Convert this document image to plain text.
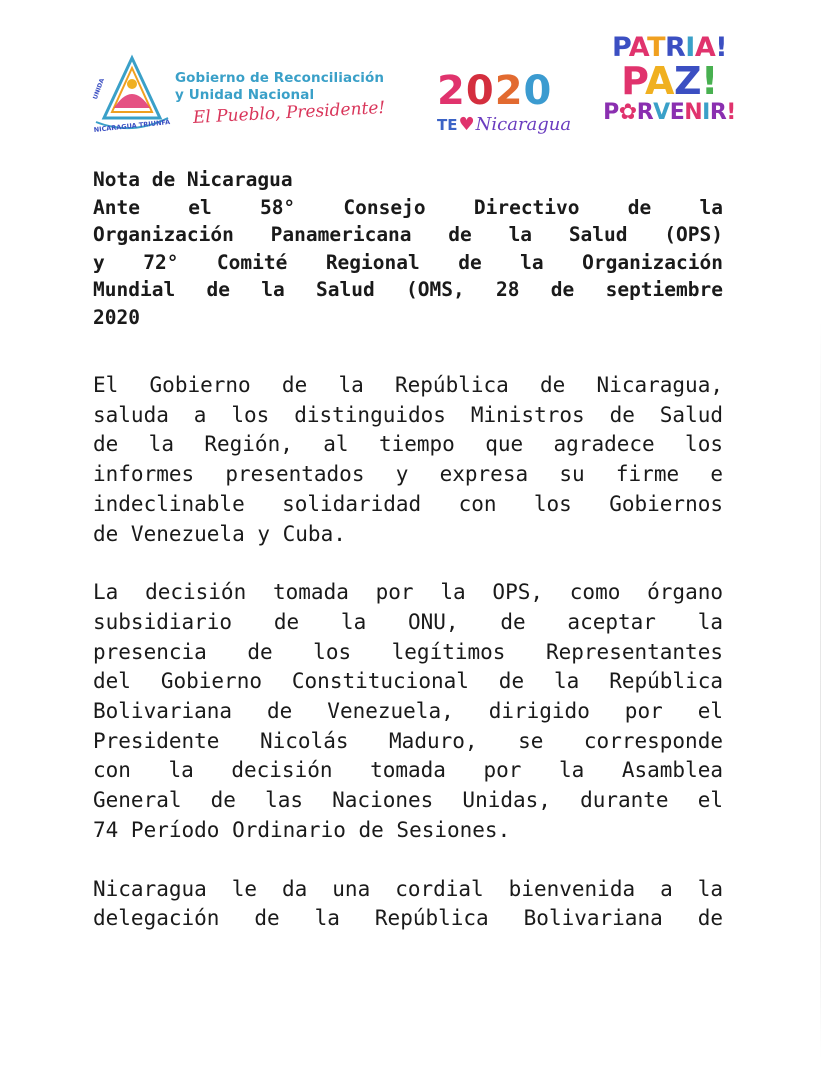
UNIDA
NICARAGUA TRIUNFA
Gobierno de Reconciliación
y Unidad Nacional
El Pueblo, Presidente!	2020
TE ♥ Nicaragua
PATRIA!
PAZ!
P✿RVENIR!
Nota de Nicaragua
Ante el 58° Consejo Directivo de la
Organización Panamericana de la Salud (OPS)
y 72° Comité Regional de la Organización
Mundial de la Salud (OMS, 28 de septiembre
2020

El Gobierno de la República de Nicaragua,
saluda a los distinguidos Ministros de Salud
de la Región, al tiempo que agradece los
informes presentados y expresa su firme e
indeclinable solidaridad con los Gobiernos
de Venezuela y Cuba.

La decisión tomada por la OPS, como órgano
subsidiario de la ONU, de aceptar la
presencia de los legítimos Representantes
del Gobierno Constitucional de la República
Bolivariana de Venezuela, dirigido por el
Presidente Nicolás Maduro, se corresponde
con la decisión tomada por la Asamblea
General de las Naciones Unidas, durante el
74 Período Ordinario de Sesiones.

Nicaragua le da una cordial bienvenida a la
delegación de la República Bolivariana de
